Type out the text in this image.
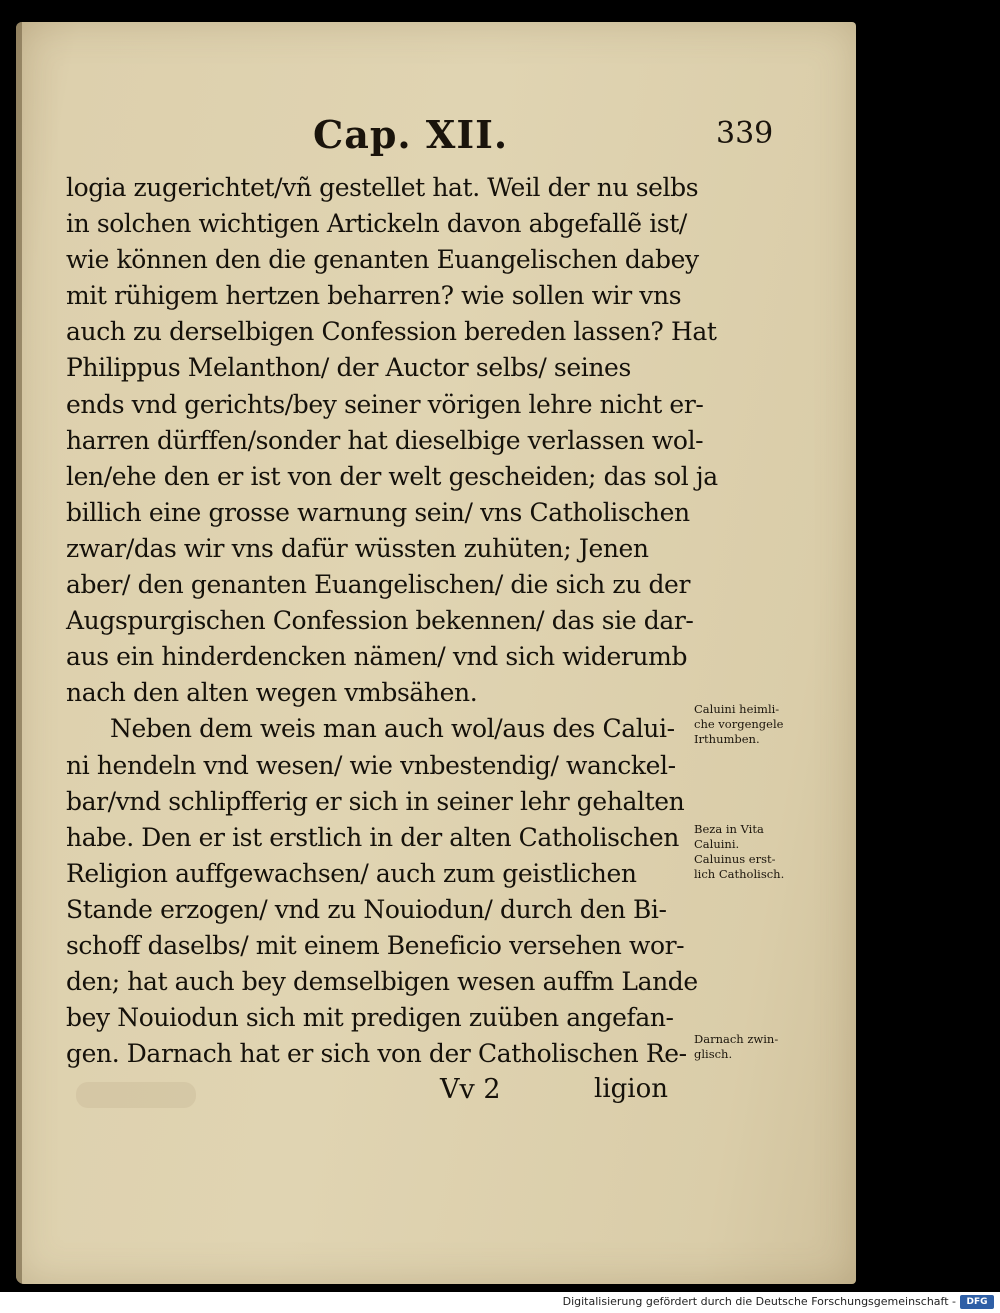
Cap. XII.	339
logia zugerichtet/vñ gestellet hat. Weil der nu selbs
in solchen wichtigen Artickeln davon abgefallẽ ist/
wie können den die genanten Euangelischen dabey
mit rühigem hertzen beharren? wie sollen wir vns
auch zu derselbigen Confession bereden lassen? Hat
Philippus Melanthon/ der Auctor selbs/ seines
ends vnd gerichts/bey seiner vörigen lehre nicht er-
harren dürffen/sonder hat dieselbige verlassen wol-
len/ehe den er ist von der welt gescheiden; das sol ja
billich eine grosse warnung sein/ vns Catholischen
zwar/das wir vns dafür wüssten zuhüten; Jenen
aber/ den genanten Euangelischen/ die sich zu der
Augspurgischen Confession bekennen/ das sie dar-
aus ein hinderdencken nämen/ vnd sich widerumb
nach den alten wegen vmbsähen.
Neben dem weis man auch wol/aus des Calui-
ni hendeln vnd wesen/ wie vnbestendig/ wanckel-
bar/vnd schlipfferig er sich in seiner lehr gehalten
habe. Den er ist erstlich in der alten Catholischen
Religion auffgewachsen/ auch zum geistlichen
Stande erzogen/ vnd zu Nouiodun/ durch den Bi-
schoff daselbs/ mit einem Beneficio versehen wor-
den; hat auch bey demselbigen wesen auffm Lande
bey Nouiodun sich mit predigen zuüben angefan-
gen. Darnach hat er sich von der Catholischen Re-
Caluini heimli-
che vorgengele
Irthumben.
Beza in Vita
Caluini.
Caluinus erst-
lich Catholisch.
Darnach zwin-
glisch.
Vv 2	ligion
Digitalisierung gefördert durch die Deutsche Forschungsgemeinschaft -	DFG
